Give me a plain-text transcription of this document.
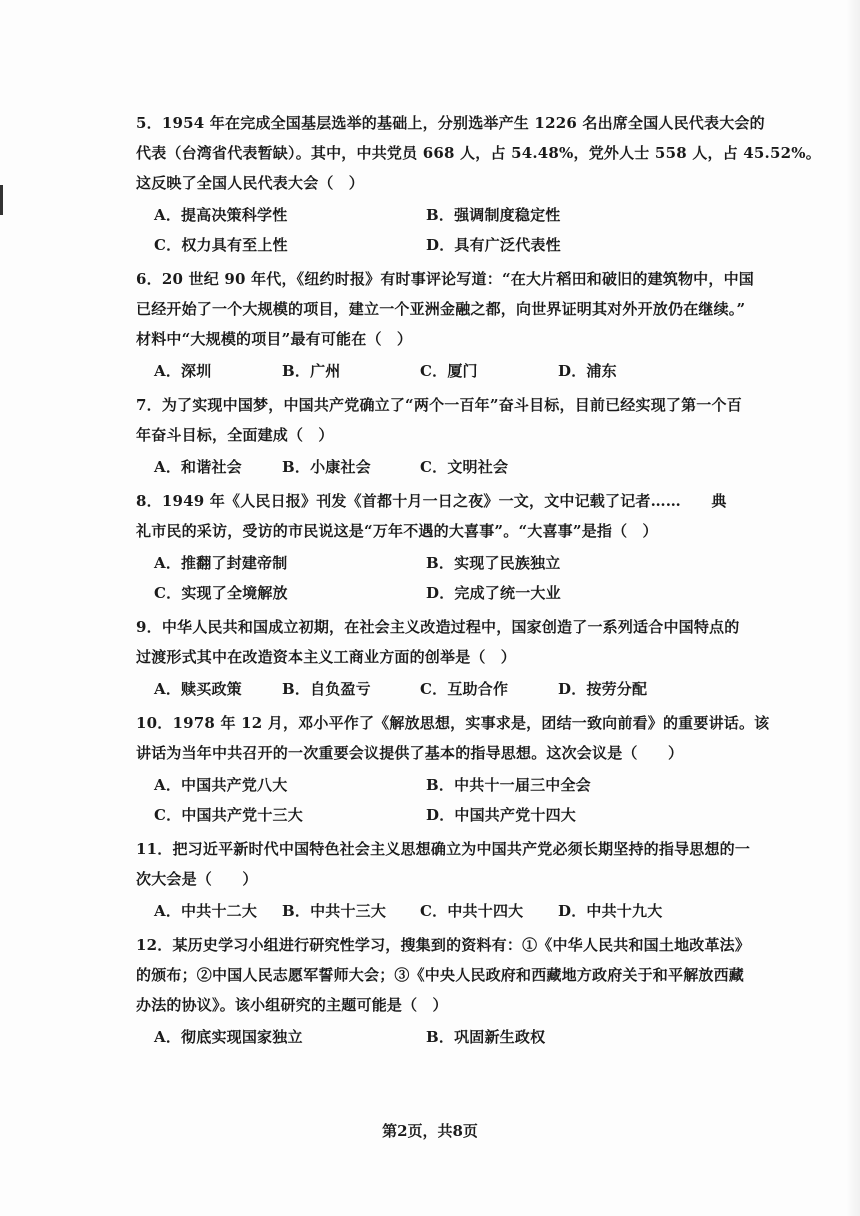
5．1954 年在完成全国基层选举的基础上，分别选举产生 1226 名出席全国人民代表大会的
代表（台湾省代表暂缺）。其中，中共党员 668 人，占 54.48%，党外人士 558 人，占 45.52%。
这反映了全国人民代表大会（　）
A．提高决策科学性	B．强调制度稳定性
C．权力具有至上性	D．具有广泛代表性
6．20 世纪 90 年代，《纽约时报》有时事评论写道：“在大片稻田和破旧的建筑物中，中国
已经开始了一个大规模的项目，建立一个亚洲金融之都，向世界证明其对外开放仍在继续。”
材料中“大规模的项目”最有可能在（　）
A．深圳	B．广州	C．厦门	D．浦东
7．为了实现中国梦，中国共产党确立了“两个一百年”奋斗目标，目前已经实现了第一个百
年奋斗目标，全面建成（　）
A．和谐社会	B．小康社会	C．文明社会
8．1949 年《人民日报》刊发《首都十月一日之夜》一文，文中记载了记者……　　典
礼市民的采访，受访的市民说这是“万年不遇的大喜事”。“大喜事”是指（　）
A．推翻了封建帝制	B．实现了民族独立
C．实现了全境解放	D．完成了统一大业
9．中华人民共和国成立初期，在社会主义改造过程中，国家创造了一系列适合中国特点的
过渡形式其中在改造资本主义工商业方面的创举是（　）
A．赎买政策	B．自负盈亏	C．互助合作	D．按劳分配
10．1978 年 12 月，邓小平作了《解放思想，实事求是，团结一致向前看》的重要讲话。该
讲话为当年中共召开的一次重要会议提供了基本的指导思想。这次会议是（　　）
A．中国共产党八大	B．中共十一届三中全会
C．中国共产党十三大	D．中国共产党十四大
11．把习近平新时代中国特色社会主义思想确立为中国共产党必须长期坚持的指导思想的一
次大会是（　　）
A．中共十二大	B．中共十三大	C．中共十四大	D．中共十九大
12．某历史学习小组进行研究性学习，搜集到的资料有：①《中华人民共和国土地改革法》
的颁布；②中国人民志愿军誓师大会；③《中央人民政府和西藏地方政府关于和平解放西藏
办法的协议》。该小组研究的主题可能是（　）
A．彻底实现国家独立	B．巩固新生政权
第2页，共8页
